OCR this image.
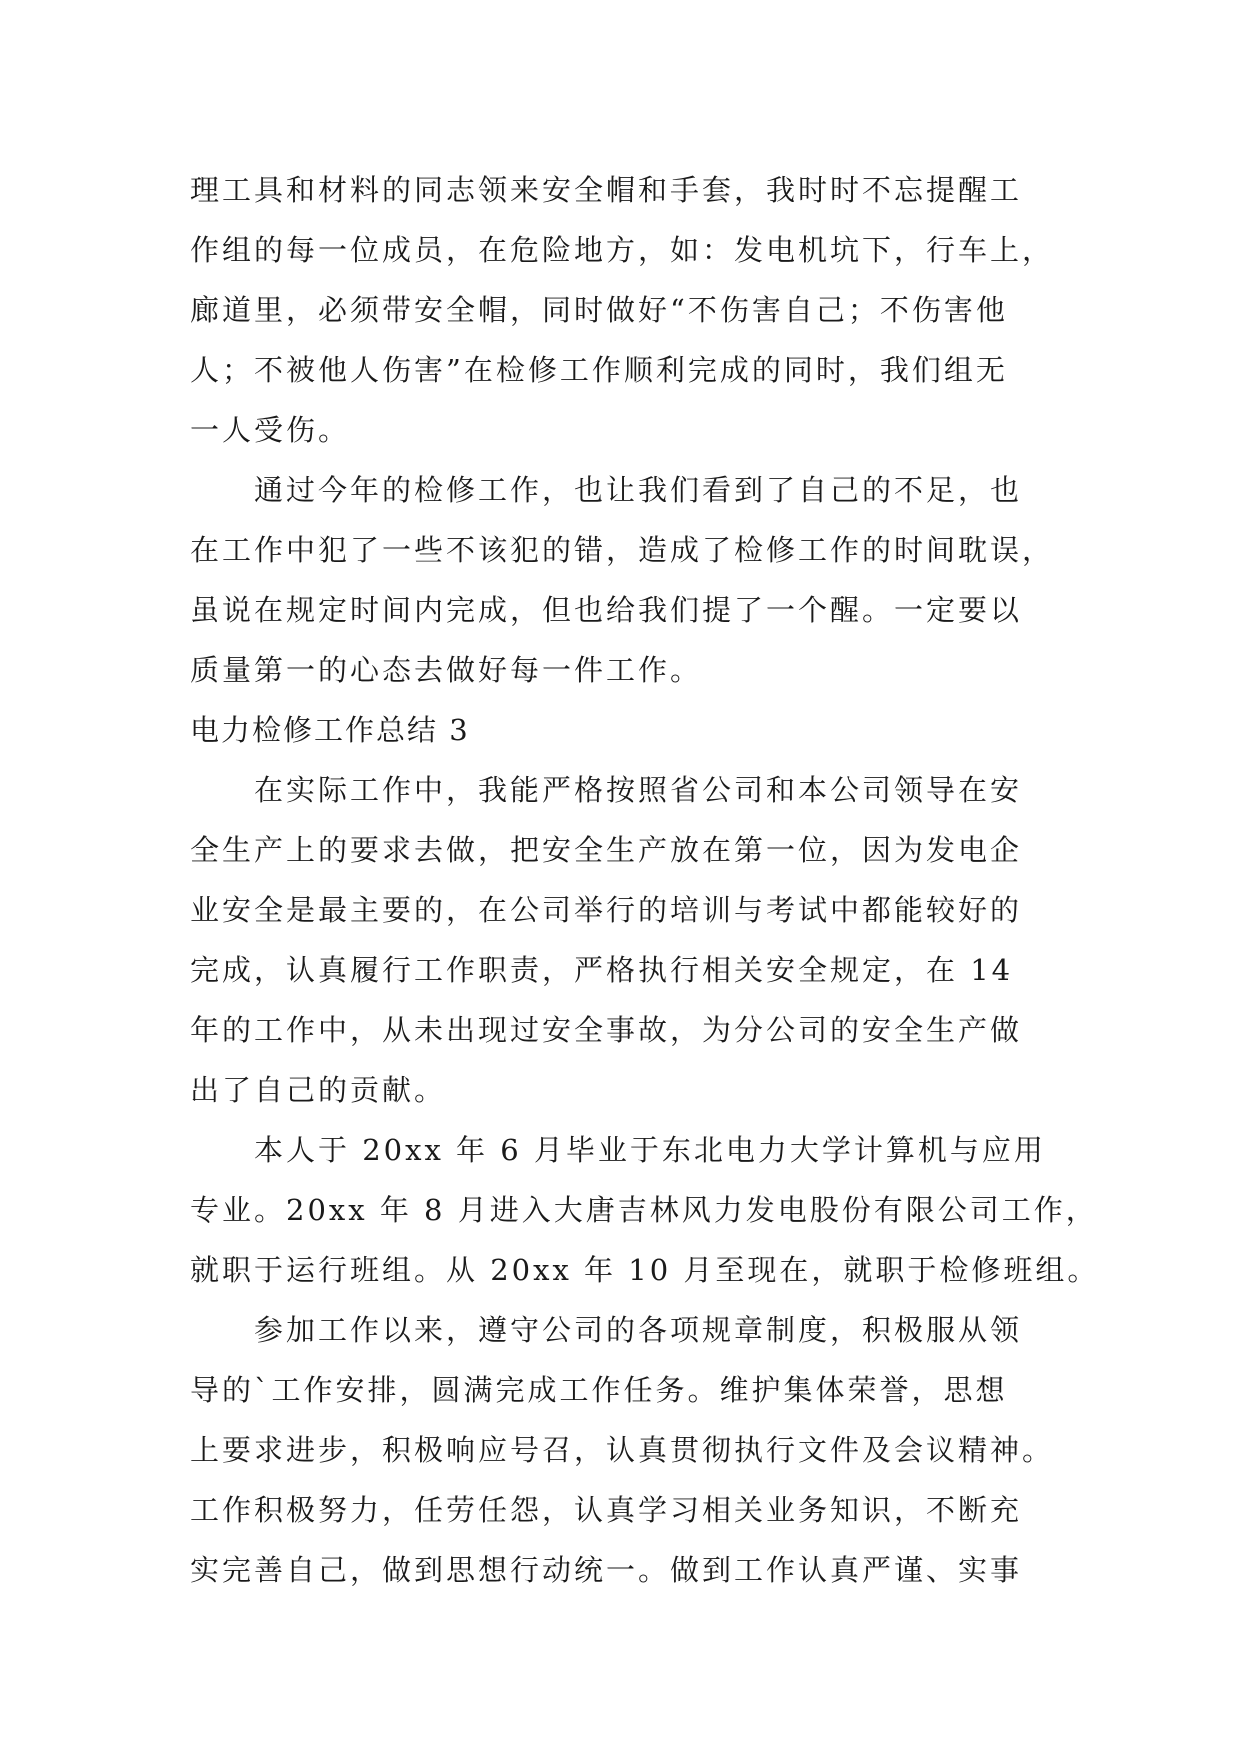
理工具和材料的同志领来安全帽和手套，我时时不忘提醒工
作组的每一位成员，在危险地方，如：发电机坑下，行车上，
廊道里，必须带安全帽，同时做好“不伤害自己；不伤害他
人；不被他人伤害”在检修工作顺利完成的同时，我们组无
一人受伤。
　　通过今年的检修工作，也让我们看到了自己的不足，也
在工作中犯了一些不该犯的错，造成了检修工作的时间耽误，
虽说在规定时间内完成，但也给我们提了一个醒。一定要以
质量第一的心态去做好每一件工作。
电力检修工作总结 3
　　在实际工作中，我能严格按照省公司和本公司领导在安
全生产上的要求去做，把安全生产放在第一位，因为发电企
业安全是最主要的，在公司举行的培训与考试中都能较好的
完成，认真履行工作职责，严格执行相关安全规定，在 14
年的工作中，从未出现过安全事故，为分公司的安全生产做
出了自己的贡献。
　　本人于 20xx 年 6 月毕业于东北电力大学计算机与应用
专业。20xx 年 8 月进入大唐吉林风力发电股份有限公司工作，
就职于运行班组。从 20xx 年 10 月至现在，就职于检修班组。
　　参加工作以来，遵守公司的各项规章制度，积极服从领
导的`工作安排，圆满完成工作任务。维护集体荣誉，思想
上要求进步，积极响应号召，认真贯彻执行文件及会议精神。
工作积极努力，任劳任怨，认真学习相关业务知识，不断充
实完善自己，做到思想行动统一。做到工作认真严谨、实事
